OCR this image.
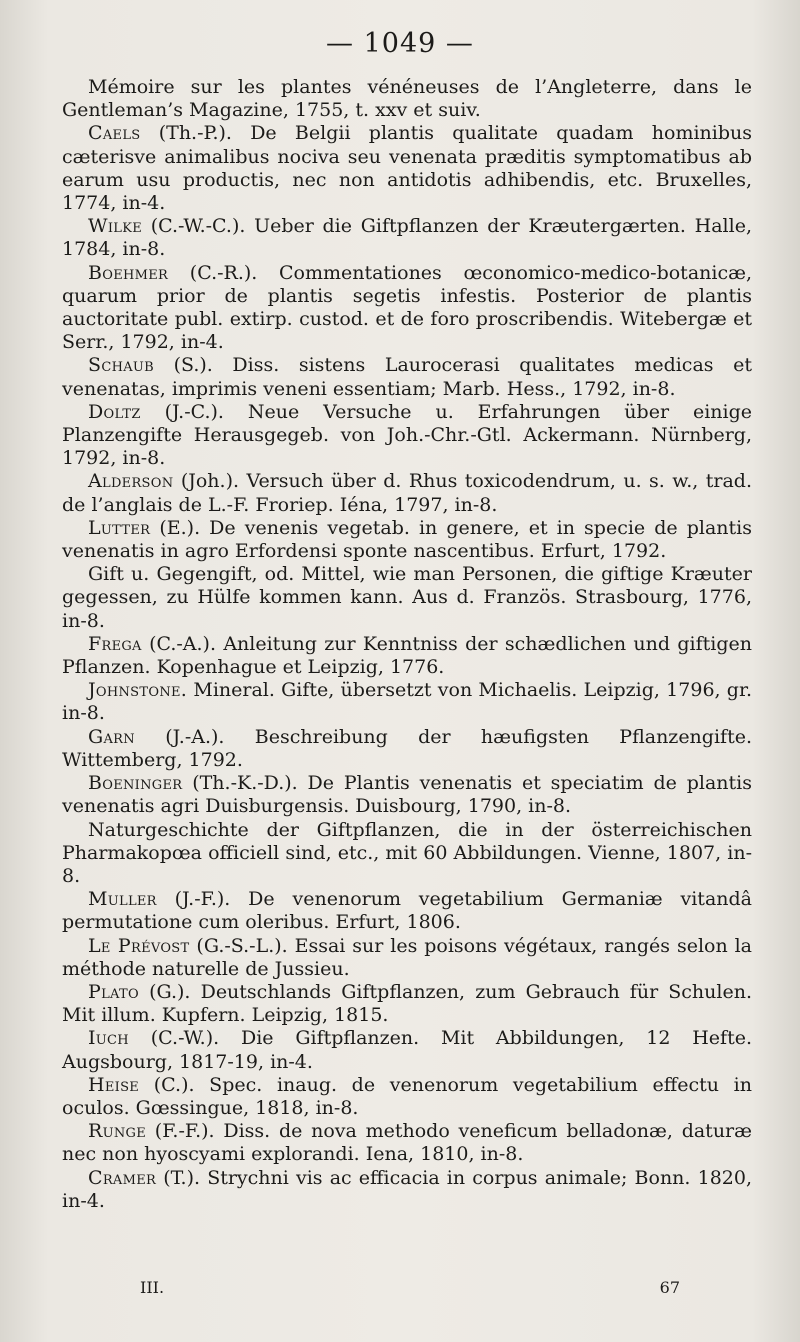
— 1049 —

Mémoire sur les plantes vénéneuses de l’Angleterre, dans le Gentleman’s Magazine, 1755, t. xxv et suiv.

Caels (Th.-P.). De Belgii plantis qualitate quadam hominibus cæterisve animalibus nociva seu venenata præditis symptomatibus ab earum usu productis, nec non antidotis adhibendis, etc. Bruxelles, 1774, in-4.

Wilke (C.-W.-C.). Ueber die Giftpflanzen der Kræutergærten. Halle, 1784, in-8.

Boehmer (C.-R.). Commentationes œconomico-medico-botanicæ, quarum prior de plantis segetis infestis. Posterior de plantis auctoritate publ. extirp. custod. et de foro proscribendis. Witebergæ et Serr., 1792, in-4.

Schaub (S.). Diss. sistens Laurocerasi qualitates medicas et venenatas, imprimis veneni essentiam; Marb. Hess., 1792, in-8.

Doltz (J.-C.). Neue Versuche u. Erfahrungen über einige Planzengifte Herausgegeb. von Joh.-Chr.-Gtl. Ackermann. Nürnberg, 1792, in-8.

Alderson (Joh.). Versuch über d. Rhus toxicodendrum, u. s. w., trad. de l’anglais de L.-F. Froriep. Iéna, 1797, in-8.

Lutter (E.). De venenis vegetab. in genere, et in specie de plantis venenatis in agro Erfordensi sponte nascentibus. Erfurt, 1792.

Gift u. Gegengift, od. Mittel, wie man Personen, die giftige Kræuter gegessen, zu Hülfe kommen kann. Aus d. Französ. Strasbourg, 1776, in-8.

Frega (C.-A.). Anleitung zur Kenntniss der schædlichen und giftigen Pflanzen. Kopenhague et Leipzig, 1776.

Johnstone. Mineral. Gifte, übersetzt von Michaelis. Leipzig, 1796, gr. in-8.

Garn (J.-A.). Beschreibung der hæufigsten Pflanzengifte. Wittemberg, 1792.

Boeninger (Th.-K.-D.). De Plantis venenatis et speciatim de plantis venenatis agri Duisburgensis. Duisbourg, 1790, in-8.

Naturgeschichte der Giftpflanzen, die in der österreichischen Pharmakopœa officiell sind, etc., mit 60 Abbildungen. Vienne, 1807, in-8.

Muller (J.-F.). De venenorum vegetabilium Germaniæ vitandâ permutatione cum oleribus. Erfurt, 1806.

Le Prévost (G.-S.-L.). Essai sur les poisons végétaux, rangés selon la méthode naturelle de Jussieu.

Plato (G.). Deutschlands Giftpflanzen, zum Gebrauch für Schulen. Mit illum. Kupfern. Leipzig, 1815.

Iuch (C.-W.). Die Giftpflanzen. Mit Abbildungen, 12 Hefte. Augsbourg, 1817-19, in-4.

Heise (C.). Spec. inaug. de venenorum vegetabilium effectu in oculos. Gœssingue, 1818, in-8.

Runge (F.-F.). Diss. de nova methodo veneficum belladonæ, daturæ nec non hyoscyami explorandi. Iena, 1810, in-8.

Cramer (T.). Strychni vis ac efficacia in corpus animale; Bonn. 1820, in-4.

III.	67
